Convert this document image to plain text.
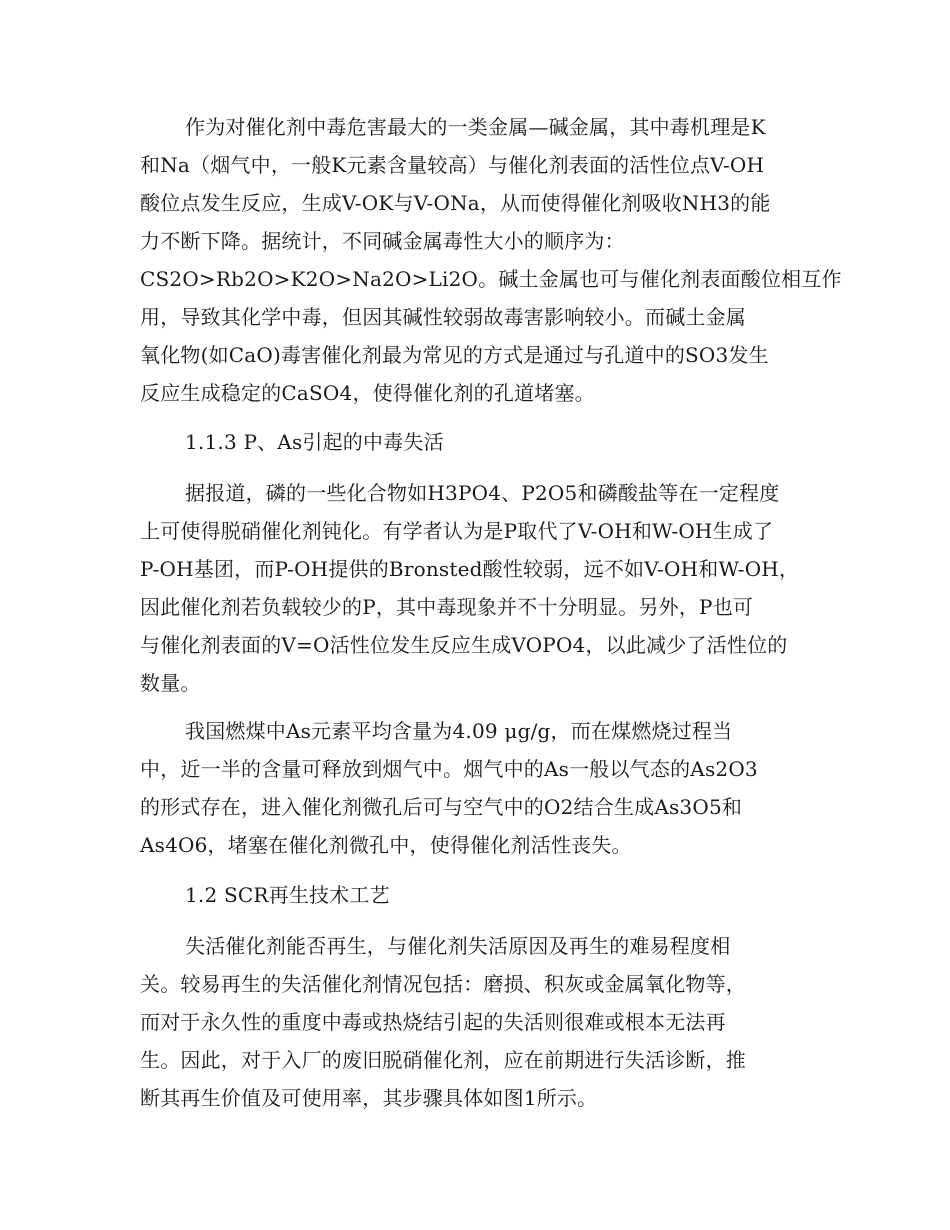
作为对催化剂中毒危害最大的一类金属—碱金属，其中毒机理是K
和Na（烟气中，一般K元素含量较高）与催化剂表面的活性位点V-OH
酸位点发生反应，生成V-OK与V-ONa，从而使得催化剂吸收NH3的能
力不断下降。据统计，不同碱金属毒性大小的顺序为：
CS2O>Rb2O>K2O>Na2O>Li2O。碱土金属也可与催化剂表面酸位相互作
用，导致其化学中毒，但因其碱性较弱故毒害影响较小。而碱土金属
氧化物(如CaO)毒害催化剂最为常见的方式是通过与孔道中的SO3发生
反应生成稳定的CaSO4，使得催化剂的孔道堵塞。
1.1.3 P、As引起的中毒失活
据报道，磷的一些化合物如H3PO4、P2O5和磷酸盐等在一定程度
上可使得脱硝催化剂钝化。有学者认为是P取代了V-OH和W-OH生成了
P-OH基团，而P-OH提供的Bronsted酸性较弱，远不如V-OH和W-OH，
因此催化剂若负载较少的P，其中毒现象并不十分明显。另外，P也可
与催化剂表面的V=O活性位发生反应生成VOPO4，以此减少了活性位的
数量。
我国燃煤中As元素平均含量为4.09 μg/g，而在煤燃烧过程当
中，近一半的含量可释放到烟气中。烟气中的As一般以气态的As2O3
的形式存在，进入催化剂微孔后可与空气中的O2结合生成As3O5和
As4O6，堵塞在催化剂微孔中，使得催化剂活性丧失。
1.2 SCR再生技术工艺
失活催化剂能否再生，与催化剂失活原因及再生的难易程度相
关。较易再生的失活催化剂情况包括：磨损、积灰或金属氧化物等，
而对于永久性的重度中毒或热烧结引起的失活则很难或根本无法再
生。因此，对于入厂的废旧脱硝催化剂，应在前期进行失活诊断，推
断其再生价值及可使用率，其步骤具体如图1所示。
